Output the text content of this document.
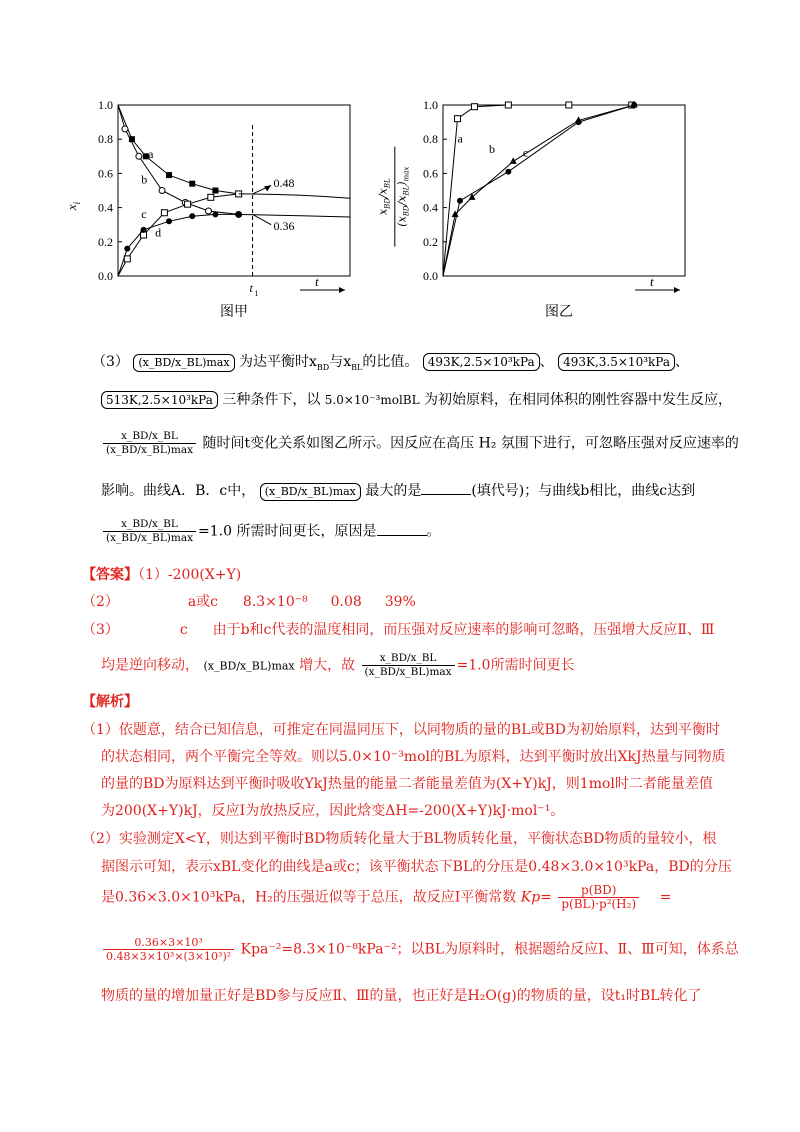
0.0
0.2
0.4
0.6
0.8
1.0
t
t 1
0.48
0.36
a
b
c
d
$x_i$
0.0
0.2
0.4
0.6
0.8
1.0
t
a
b c
$x_{BD}/x_{BL}$
$(x_{BD}/x_{BL})_{max}$
图甲	图乙
（3） (x_BD/x_BL)max 为达平衡时$x_{BD}$与$x_{BL}$的比值。 493K,2.5×10³kPa 、 493K,3.5×10³kPa 、
513K,2.5×10³kPa 三种条件下，以 5.0×10⁻³molBL 为初始原料，在相同体积的刚性容器中发生反应，
$\frac{x\_BD/x\_BL}{(x\_BD/x\_BL)\max}$ 随时间t变化关系如图乙所示。因反应在高压 H₂ 氛围下进行，可忽略压强对反应速率的
影响。曲线A．B．c中， (x_BD/x_BL)max 最大的是	(填代号)；与曲线b相比，曲线c达到
$\frac{x\_BD/x\_BL}{(x\_BD/x\_BL)\max} =1.0$ 所需时间更长，原因是	。
【答案】（1）-200(X+Y)
（2）	a或c 8.3×10⁻⁸ 0.08 39%
（3）	c 由于b和c代表的温度相同，而压强对反应速率的影响可忽略，压强增大反应Ⅱ、Ⅲ
均是逆向移动， (x_BD/x_BL)max 增大，故 $\frac{x\_BD/x\_BL}{(x\_BD/x\_BL)\max} =1.0$所需时间更长
【解析】
（1）依题意，结合已知信息，可推定在同温同压下，以同物质的量的BL或BD为初始原料，达到平衡时
的状态相同，两个平衡完全等效。则以5.0×10⁻³mol的BL为原料，达到平衡时放出XkJ热量与同物质
的量的BD为原料达到平衡时吸收YkJ热量的能量二者能量差值为(X+Y)kJ，则1mol时二者能量差值
为200(X+Y)kJ，反应Ⅰ为放热反应，因此焓变ΔH=-200(X+Y)kJ·mol⁻¹。
（2）实验测定X<Y，则达到平衡时BD物质转化量大于BL物质转化量，平衡状态BD物质的量较小，根
据图示可知，表示xBL变化的曲线是a或c；该平衡状态下BL的分压是0.48×3.0×10³kPa，BD的分压
是0.36×3.0×10³kPa，H₂的压强近似等于总压，故反应Ⅰ平衡常数 $Kp= \frac{p(BD)}{\text{p(BL)·p²(H₂)}}$ =
$\frac{\text{0.36×3×10³}}{\text{0.48×3×10³×(3×10³)²}} Kpa^{-2}=8.3\times 10^{-8}kPa^{-2}$；以BL为原料时，根据题给反应Ⅰ、Ⅱ、Ⅲ可知，体系总
物质的量的增加量正好是BD参与反应Ⅱ、Ⅲ的量，也正好是H₂O(g)的物质的量，设t₁时BL转化了
